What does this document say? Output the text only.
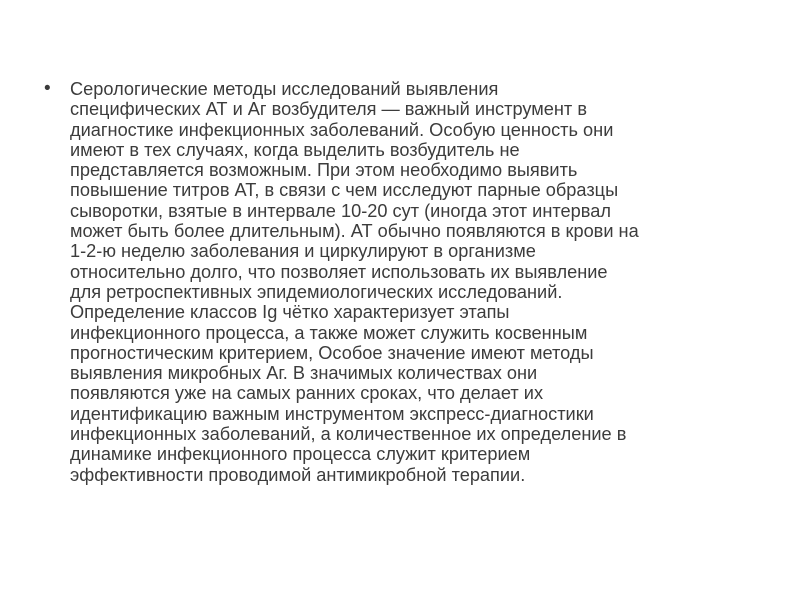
•	Серологические методы исследований выявления
специфических АТ и Аг возбудителя — важный инструмент в
диагностике инфекционных заболеваний. Особую ценность они
имеют в тех случаях, когда выделить возбудитель не
представляется возможным. При этом необходимо выявить
повышение титров АТ, в связи с чем исследуют парные образцы
сыворотки, взятые в интервале 10-20 сут (иногда этот интервал
может быть более длительным). АТ обычно появляются в крови на
1-2-ю неделю заболевания и циркулируют в организме
относительно долго, что позволяет использовать их выявление
для ретроспективных эпидемиологических исследований.
Определение классов Ig чётко характеризует этапы
инфекционного процесса, а также может служить косвенным
прогностическим критерием, Особое значение имеют методы
выявления микробных Аг. В значимых количествах они
появляются уже на самых ранних сроках, что делает их
идентификацию важным инструментом экспресс-диагностики
инфекционных заболеваний, а количественное их определение в
динамике инфекционного процесса служит критерием
эффективности проводимой антимикробной терапии.
